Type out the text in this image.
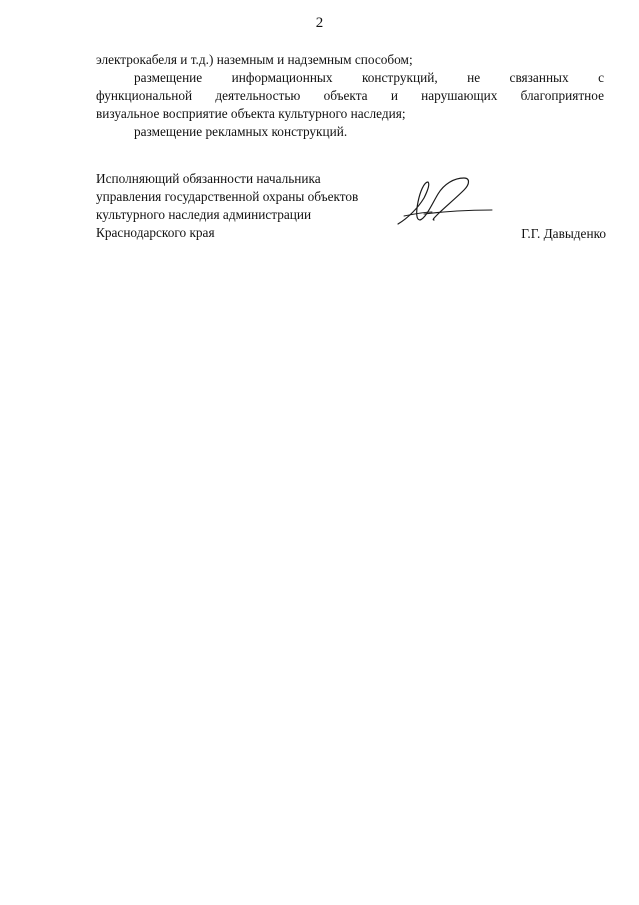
2
электрокабеля и т.д.) наземным и надземным способом;
размещение информационных конструкций, не связанных с
функциональной деятельностью объекта и нарушающих благоприятное
визуальное восприятие объекта культурного наследия;
размещение рекламных конструкций.
Исполняющий обязанности начальника
управления государственной охраны объектов
культурного наследия администрации
Краснодарского края	Г.Г. Давыденко
